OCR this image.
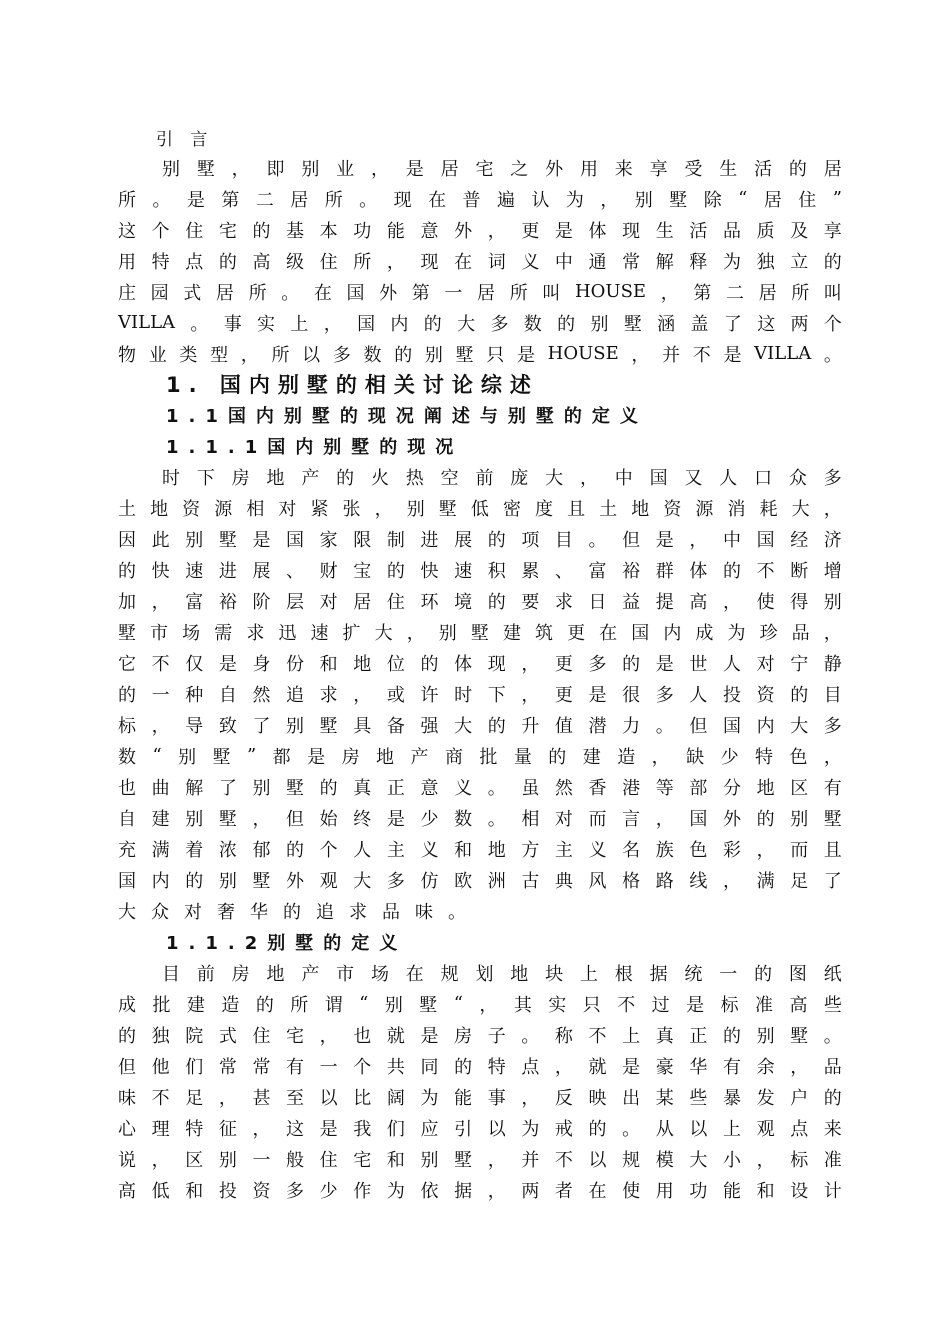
引 言
别 墅 ， 即 别 业 ， 是 居 宅 之 外 用 来 享 受 生 活 的 居
所 。 是 第 二 居 所 。 现 在 普 遍 认 为 ， 别 墅 除 “ 居 住 ”
这 个 住 宅 的 基 本 功 能 意 外 ， 更 是 体 现 生 活 品 质 及 享
用 特 点 的 高 级 住 所 ， 现 在 词 义 中 通 常 解 释 为 独 立 的
庄 园 式 居 所 。 在 国 外 第 一 居 所 叫 HOUSE ， 第 二 居 所 叫
VILLA 。 事 实 上 ， 国 内 的 大 多 数 的 别 墅 涵 盖 了 这 两 个
物 业 类 型 ， 所 以 多 数 的 别 墅 只 是 HOUSE ， 并 不 是 VILLA 。
1. 国内别墅的相关讨论综述
1.1国内别墅的现况阐述与别墅的定义
1.1.1国内别墅的现况
时 下 房 地 产 的 火 热 空 前 庞 大 ， 中 国 又 人 口 众 多
土 地 资 源 相 对 紧 张 ， 别 墅 低 密 度 且 土 地 资 源 消 耗 大 ，
因 此 别 墅 是 国 家 限 制 进 展 的 项 目 。 但 是 ， 中 国 经 济
的 快 速 进 展 、 财 宝 的 快 速 积 累 、 富 裕 群 体 的 不 断 增
加 ， 富 裕 阶 层 对 居 住 环 境 的 要 求 日 益 提 高 ， 使 得 别
墅 市 场 需 求 迅 速 扩 大 ， 别 墅 建 筑 更 在 国 内 成 为 珍 品 ，
它 不 仅 是 身 份 和 地 位 的 体 现 ， 更 多 的 是 世 人 对 宁 静
的 一 种 自 然 追 求 ， 或 许 时 下 ， 更 是 很 多 人 投 资 的 目
标 ， 导 致 了 别 墅 具 备 强 大 的 升 值 潜 力 。 但 国 内 大 多
数 “ 别 墅 ” 都 是 房 地 产 商 批 量 的 建 造 ， 缺 少 特 色 ，
也 曲 解 了 别 墅 的 真 正 意 义 。 虽 然 香 港 等 部 分 地 区 有
自 建 别 墅 ， 但 始 终 是 少 数 。 相 对 而 言 ， 国 外 的 别 墅
充 满 着 浓 郁 的 个 人 主 义 和 地 方 主 义 名 族 色 彩 ， 而 且
国 内 的 别 墅 外 观 大 多 仿 欧 洲 古 典 风 格 路 线 ， 满 足 了
大 众 对 奢 华 的 追 求 品 味 。
1.1.2别墅的定义
目 前 房 地 产 市 场 在 规 划 地 块 上 根 据 统 一 的 图 纸
成 批 建 造 的 所 谓 “ 别 墅 “ ， 其 实 只 不 过 是 标 准 高 些
的 独 院 式 住 宅 ， 也 就 是 房 子 。 称 不 上 真 正 的 别 墅 。
但 他 们 常 常 有 一 个 共 同 的 特 点 ， 就 是 豪 华 有 余 ， 品
味 不 足 ， 甚 至 以 比 阔 为 能 事 ， 反 映 出 某 些 暴 发 户 的
心 理 特 征 ， 这 是 我 们 应 引 以 为 戒 的 。 从 以 上 观 点 来
说 ， 区 别 一 般 住 宅 和 别 墅 ， 并 不 以 规 模 大 小 ， 标 准
高 低 和 投 资 多 少 作 为 依 据 ， 两 者 在 使 用 功 能 和 设 计
